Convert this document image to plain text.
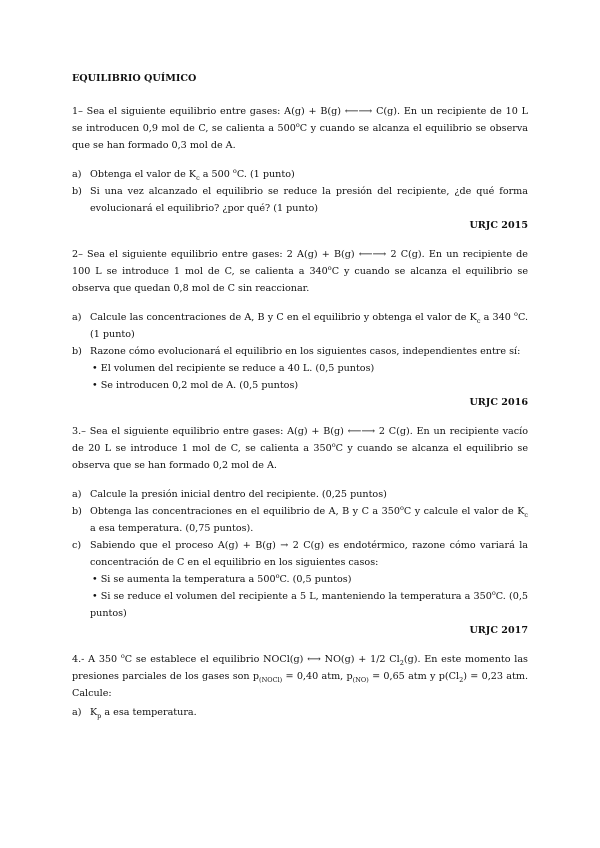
EQUILIBRIO QUÍMICO

1– Sea el siguiente equilibrio entre gases: A(g) + B(g) ⟵⟶ C(g). En un recipiente de 10 L se introducen 0,9 mol de C, se calienta a 500$^o$C y cuando se alcanza el equilibrio se observa que se han formado 0,3 mol de A.

a) Obtenga el valor de $K_c$ a 500 $^o$C. (1 punto)
b) Si una vez alcanzado el equilibrio se reduce la presión del recipiente, ¿de qué forma evolucionará el equilibrio? ¿por qué? (1 punto)

URJC 2015

2– Sea el siguiente equilibrio entre gases: 2 A(g) + B(g) ⟵⟶ 2 C(g). En un recipiente de 100 L se introduce 1 mol de C, se calienta a 340$^o$C y cuando se alcanza el equilibrio se observa que quedan 0,8 mol de C sin reaccionar.

a) Calcule las concentraciones de A, B y C en el equilibrio y obtenga el valor de $K_c$ a 340 $^o$C. (1 punto)
b) Razone cómo evolucionará el equilibrio en los siguientes casos, independientes entre sí:
• El volumen del recipiente se reduce a 40 L. (0,5 puntos)
• Se introducen 0,2 mol de A. (0,5 puntos)

URJC 2016

3.– Sea el siguiente equilibrio entre gases: A(g) + B(g) ⟵⟶ 2 C(g). En un recipiente vacío de 20 L se introduce 1 mol de C, se calienta a 350$^o$C y cuando se alcanza el equilibrio se observa que se han formado 0,2 mol de A.

a) Calcule la presión inicial dentro del recipiente. (0,25 puntos)
b) Obtenga las concentraciones en el equilibrio de A, B y C a 350$^o$C y calcule el valor de $K_c$ a esa temperatura. (0,75 puntos).
c) Sabiendo que el proceso A(g) + B(g) → 2 C(g) es endotérmico, razone cómo variará la concentración de C en el equilibrio en los siguientes casos:
• Si se aumenta la temperatura a 500$^o$C. (0,5 puntos)
• Si se reduce el volumen del recipiente a 5 L, manteniendo la temperatura a 350$^o$C. (0,5 puntos)

URJC 2017

4.- A 350 $^o$C se establece el equilibrio NOCl(g) ⟷ NO(g) + 1/2 $Cl_2(g)$. En este momento las presiones parciales de los gases son $p_{(NOCl)} = 0,40$ atm, $p_{(NO)} = 0,65$ atm y $p(Cl_2) = 0,23$ atm. Calcule:

a) $K_p$ a esa temperatura.
